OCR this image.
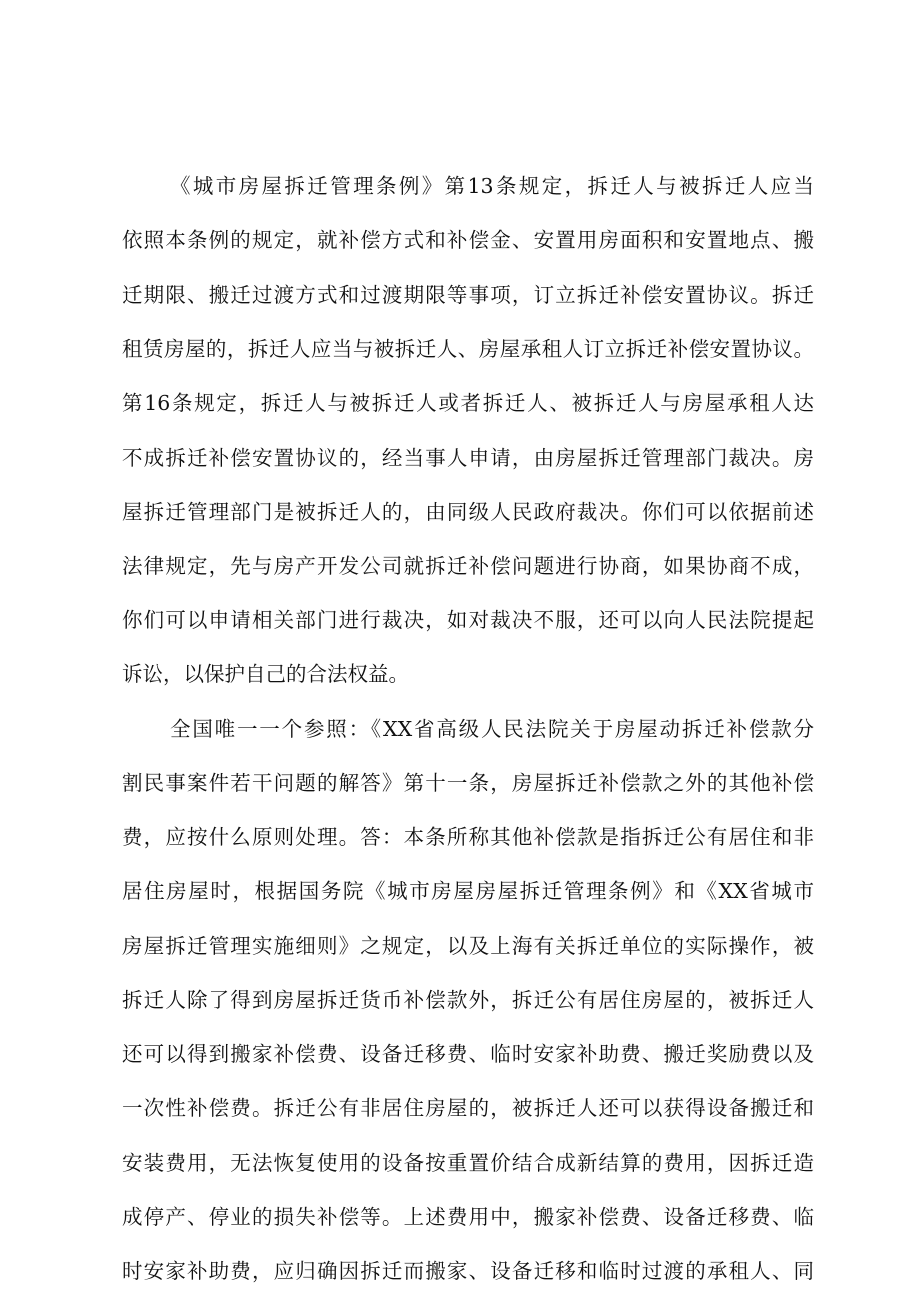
《城市房屋拆迁管理条例》第13条规定，拆迁人与被拆迁人应当
依照本条例的规定，就补偿方式和补偿金、安置用房面积和安置地点、搬
迁期限、搬迁过渡方式和过渡期限等事项，订立拆迁补偿安置协议。拆迁
租赁房屋的，拆迁人应当与被拆迁人、房屋承租人订立拆迁补偿安置协议。
第16条规定，拆迁人与被拆迁人或者拆迁人、被拆迁人与房屋承租人达
不成拆迁补偿安置协议的，经当事人申请，由房屋拆迁管理部门裁决。房
屋拆迁管理部门是被拆迁人的，由同级人民政府裁决。你们可以依据前述
法律规定，先与房产开发公司就拆迁补偿问题进行协商，如果协商不成，
你们可以申请相关部门进行裁决，如对裁决不服，还可以向人民法院提起
诉讼，以保护自己的合法权益。
全国唯一一个参照：《XX省高级人民法院关于房屋动拆迁补偿款分
割民事案件若干问题的解答》第十一条，房屋拆迁补偿款之外的其他补偿
费，应按什么原则处理。答：本条所称其他补偿款是指拆迁公有居住和非
居住房屋时，根据国务院《城市房屋房屋拆迁管理条例》和《XX省城市
房屋拆迁管理实施细则》之规定，以及上海有关拆迁单位的实际操作，被
拆迁人除了得到房屋拆迁货币补偿款外，拆迁公有居住房屋的，被拆迁人
还可以得到搬家补偿费、设备迁移费、临时安家补助费、搬迁奖励费以及
一次性补偿费。拆迁公有非居住房屋的，被拆迁人还可以获得设备搬迁和
安装费用，无法恢复使用的设备按重置价结合成新结算的费用，因拆迁造
成停产、停业的损失补偿等。上述费用中，搬家补偿费、设备迁移费、临
时安家补助费，应归确因拆迁而搬家、设备迁移和临时过渡的承租人、同
